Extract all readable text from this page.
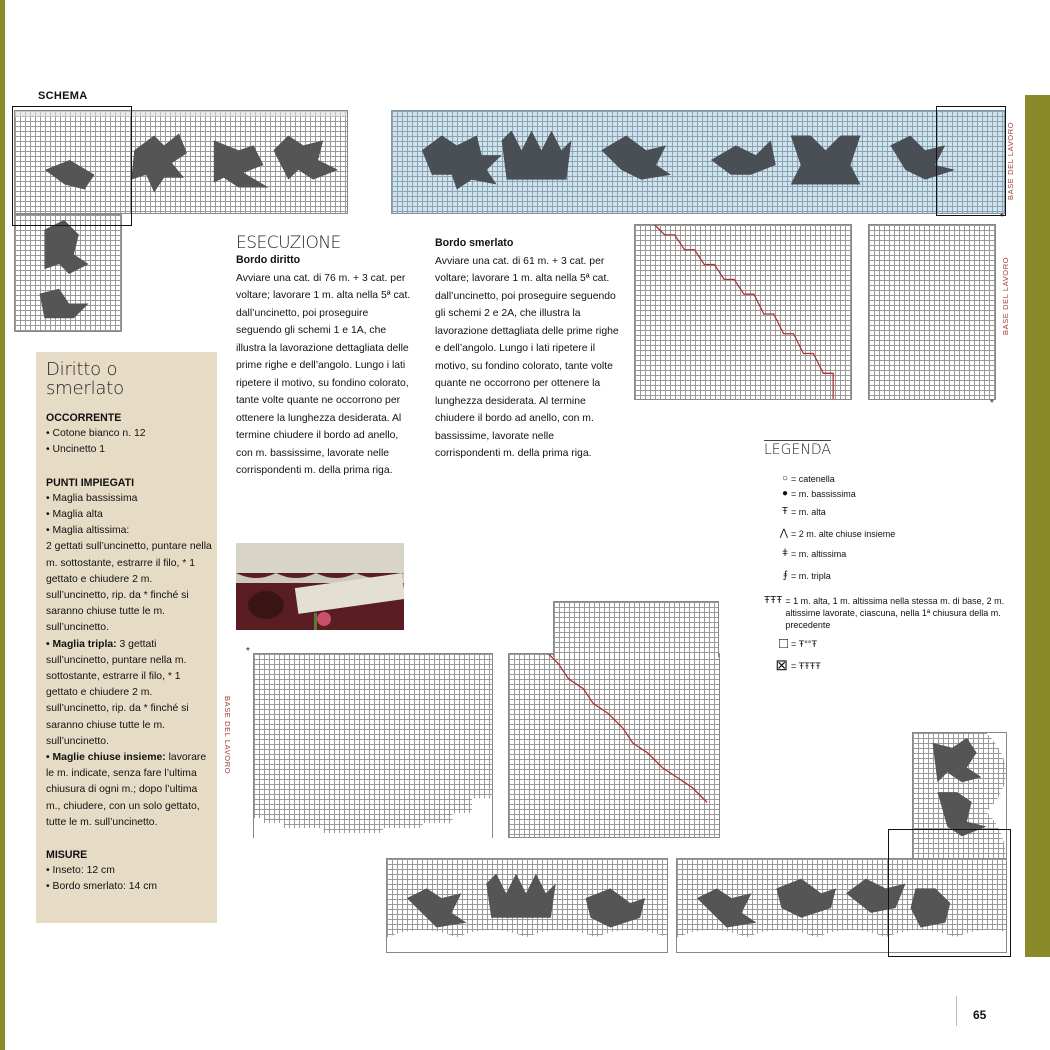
SCHEMA
*
BASE DEL LAVORO
*
BASE DEL LAVORO
Diritto o
smerlato
OCCORRENTE

• Cotone bianco n. 12

• Uncinetto 1

PUNTI IMPIEGATI

• Maglia bassissima

• Maglia alta

• Maglia altissima:

2 gettati sull’uncinetto, puntare nella m. sottostante, estrarre il filo, * 1 gettato e chiudere 2 m. sull’uncinetto, rip. da * finché si saranno chiuse tutte le m. sull’uncinetto.

• Maglia tripla: 3 gettati sull’uncinetto, puntare nella m. sottostante, estrarre il filo, * 1 gettato e chiudere 2 m. sull’uncinetto, rip. da * finché si saranno chiuse tutte le m. sull’uncinetto.

• Maglie chiuse insieme: lavorare le m. indicate, senza fare l’ultima chiusura di ogni m.; dopo l’ultima m., chiudere, con un solo gettato, tutte le m. sull’uncinetto.

MISURE

• Inseto: 12 cm

• Bordo smerlato: 14 cm

ESECUZIONE
Bordo diritto

Avviare una cat. di 76 m. + 3 cat. per voltare; lavorare 1 m. alta nella 5ª cat. dall’uncinetto, poi proseguire seguendo gli schemi 1 e 1A, che illustra la lavorazione dettagliata delle prime righe e dell’angolo. Lungo i lati ripetere il motivo, su fondino colorato, tante volte quante ne occorrono per ottenere la lunghezza desiderata. Al termine chiudere il bordo ad anello, con m. bassissime, lavorate nelle corrispondenti m. della prima riga.

Bordo smerlato

Avviare una cat. di 61 m. + 3 cat. per voltare; lavorare 1 m. alta nella 5ª cat. dall’uncinetto, poi proseguire seguendo gli schemi 2 e 2A, che illustra la lavorazione dettagliata delle prime righe e dell’angolo. Lungo i lati ripetere il motivo, su fondino colorato, tante volte quante ne occorrono per ottenere la lunghezza desiderata. Al termine chiudere il bordo ad anello, con m. bassissime, lavorate nelle corrispondenti m. della prima riga.	LEGENDA
○ = catenella
● = m. bassissima
Ŧ = m. alta
⋀ = 2 m. alte chiuse insieme
ǂ = m. altissima
⨎ = m. tripla
ŦŦŦ = 1 m. alta, 1 m. altissima nella stessa m. di base, 2 m. altissime lavorate, ciascuna, nella 1ª chiusura della m. precedente
□ = Ŧ°°Ŧ
⊠ = ŦŦŦŦ
*
BASE DEL LAVORO
65
